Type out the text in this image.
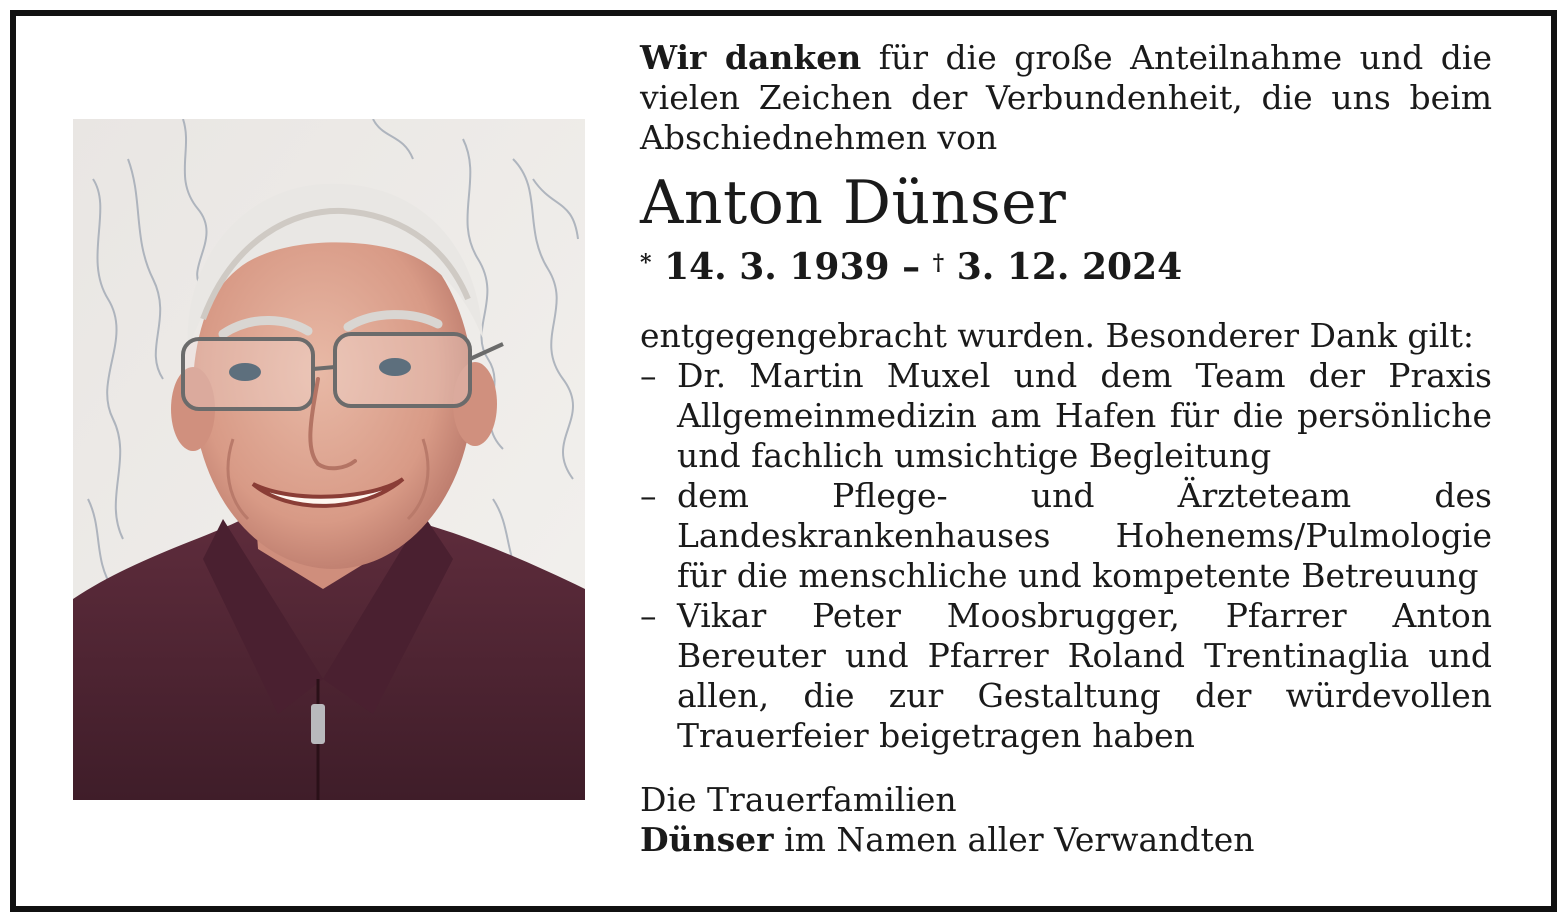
Wir danken für die große Anteilnahme und die vielen Zeichen der Verbundenheit, die uns beim Abschiednehmen von

Anton Dünser
* 14. 3. 1939 – † 3. 12. 2024

entgegengebracht wurden. Besonderer Dank gilt:

– Dr. Martin Muxel und dem Team der Praxis Allgemeinmedizin am Hafen für die persönliche und fachlich umsichtige Begleitung
– dem Pflege- und Ärzteteam des Landeskrankenhauses Hohenems/Pulmologie für die menschliche und kompetente Betreuung
– Vikar Peter Moosbrugger, Pfarrer Anton Bereuter und Pfarrer Roland Trentinaglia und allen, die zur Gestaltung der würdevollen Trauerfeier beigetragen haben

Die Trauerfamilien

Dünser im Namen aller Verwandten
